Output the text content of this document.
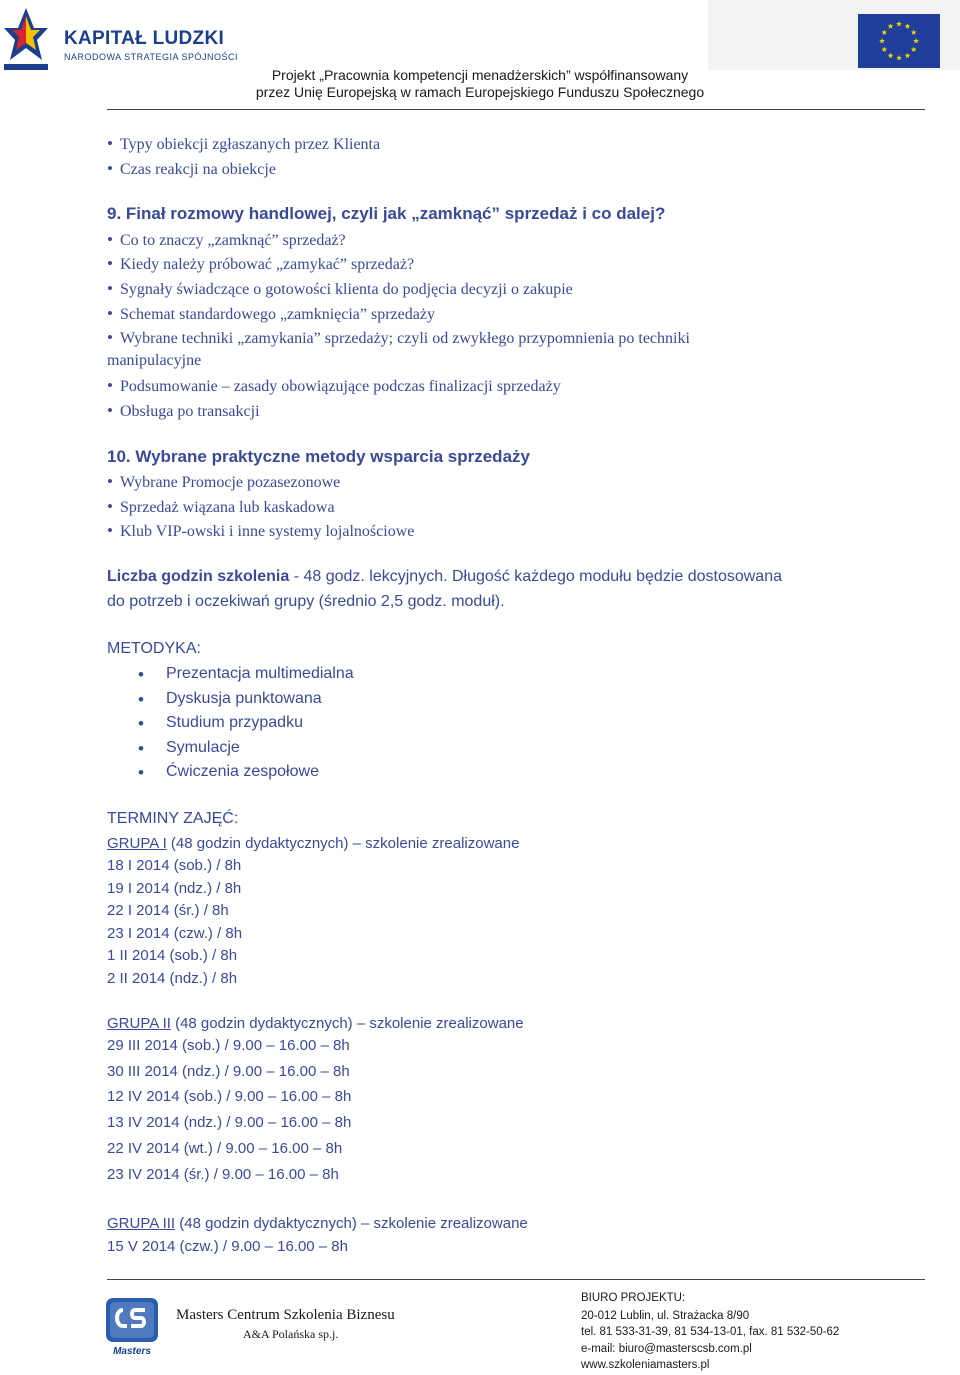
KAPITAŁ LUDZKI
NARODOWA STRATEGIA SPÓJNOŚCI
Projekt „Pracownia kompetencji menadżerskich” współfinansowany
przez Unię Europejską w ramach Europejskiego Funduszu Społecznego
• Typy obiekcji zgłaszanych przez Klienta
• Czas reakcji na obiekcje
9. Finał rozmowy handlowej, czyli jak „zamknąć” sprzedaż i co dalej?
• Co to znaczy „zamknąć” sprzedaż?
• Kiedy należy próbować „zamykać” sprzedaż?
• Sygnały świadczące o gotowości klienta do podjęcia decyzji o zakupie
• Schemat standardowego „zamknięcia” sprzedaży
• Wybrane techniki „zamykania” sprzedaży; czyli od zwykłego przypomnienia po techniki
manipulacyjne
• Podsumowanie – zasady obowiązujące podczas finalizacji sprzedaży
• Obsługa po transakcji
10. Wybrane praktyczne metody wsparcia sprzedaży
• Wybrane Promocje pozasezonowe
• Sprzedaż wiązana lub kaskadowa
• Klub VIP-owski i inne systemy lojalnościowe
Liczba godzin szkolenia - 48 godz. lekcyjnych. Długość każdego modułu będzie dostosowana
do potrzeb i oczekiwań grupy (średnio 2,5 godz. moduł).
METODYKA:
• Prezentacja multimedialna
• Dyskusja punktowana
• Studium przypadku
• Symulacje
• Ćwiczenia zespołowe
TERMINY ZAJĘĆ:
GRUPA I (48 godzin dydaktycznych) – szkolenie zrealizowane
18 I 2014 (sob.) / 8h
19 I 2014 (ndz.) / 8h
22 I 2014 (śr.) / 8h
23 I 2014 (czw.) / 8h
1 II 2014 (sob.) / 8h
2 II 2014 (ndz.) / 8h
GRUPA II (48 godzin dydaktycznych) – szkolenie zrealizowane
29 III 2014 (sob.) / 9.00 – 16.00 – 8h
30 III 2014 (ndz.) / 9.00 – 16.00 – 8h
12 IV 2014 (sob.) / 9.00 – 16.00 – 8h
13 IV 2014 (ndz.) / 9.00 – 16.00 – 8h
22 IV 2014 (wt.) / 9.00 – 16.00 – 8h
23 IV 2014 (śr.) / 9.00 – 16.00 – 8h
GRUPA III (48 godzin dydaktycznych) – szkolenie zrealizowane
15 V 2014 (czw.) / 9.00 – 16.00 – 8h
Masters
Masters Centrum Szkolenia Biznesu
A&A Polańska sp.j.
BIURO PROJEKTU:
20-012 Lublin, ul. Strażacka 8/90
tel. 81 533-31-39, 81 534-13-01, fax. 81 532-50-62
e-mail: biuro@masterscsb.com.pl
www.szkoleniamasters.pl
